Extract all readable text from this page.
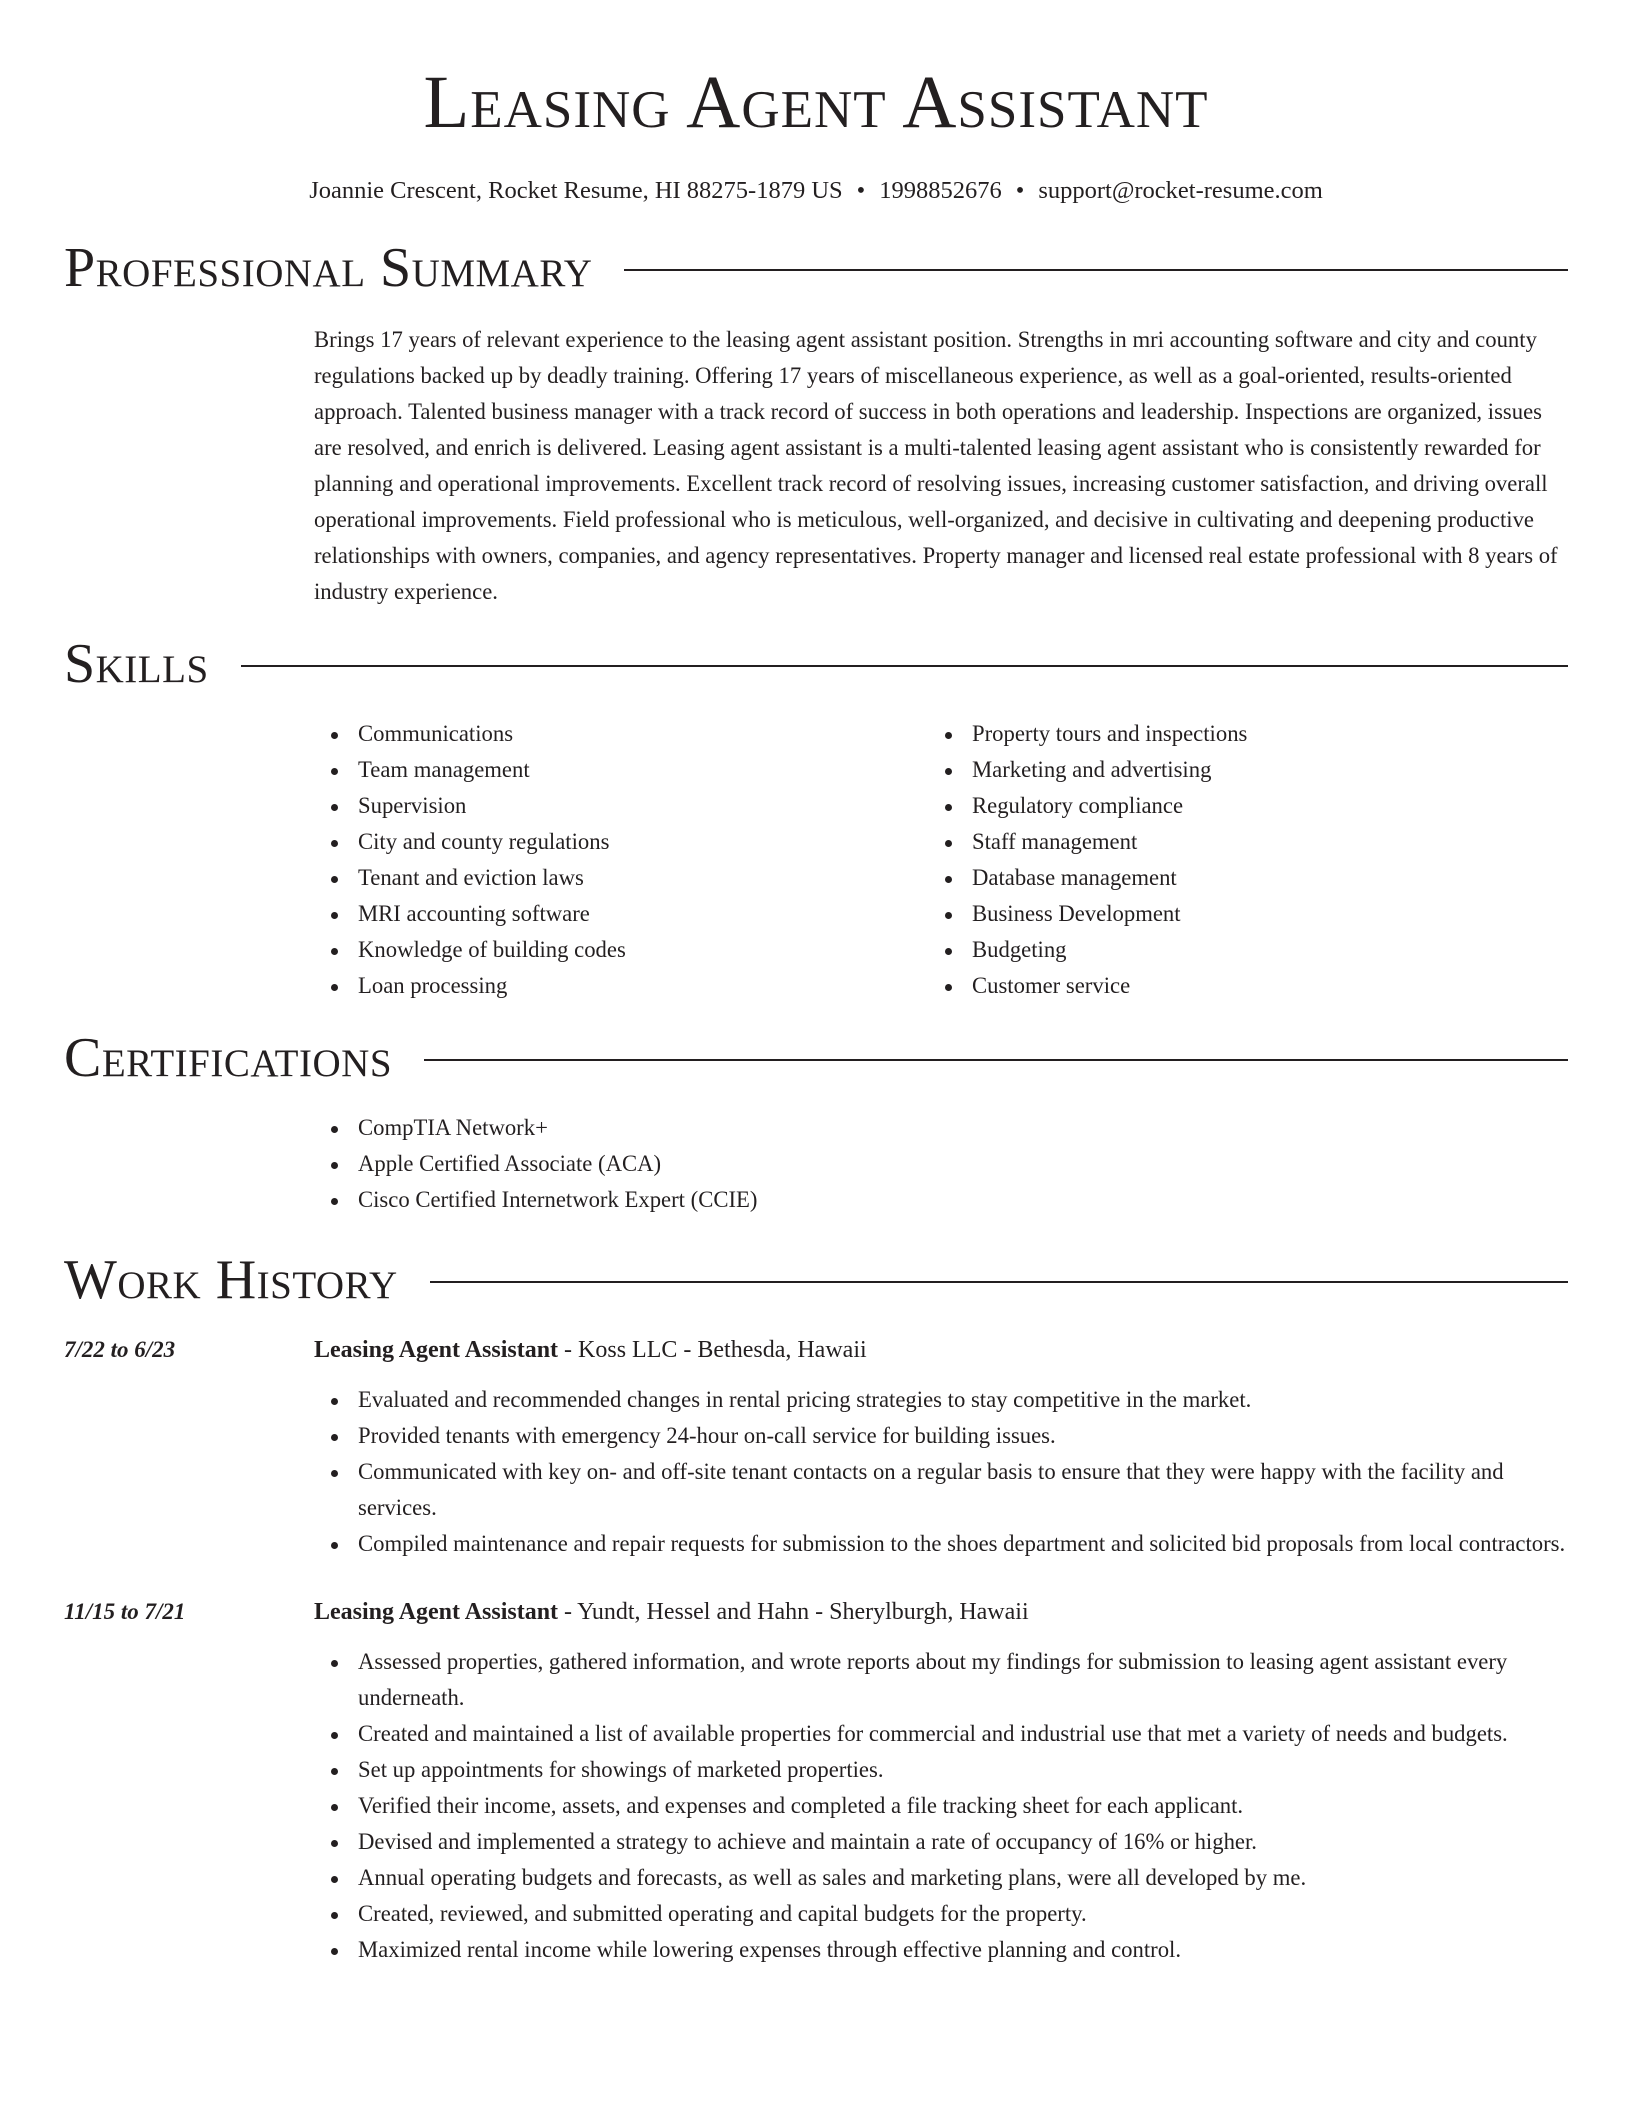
Leasing Agent Assistant
Joannie Crescent, Rocket Resume, HI 88275-1879 US • 1998852676 • support@rocket-resume.com
Professional Summary

Brings 17 years of relevant experience to the leasing agent assistant position. Strengths in mri accounting software and city and county regulations backed up by deadly training. Offering 17 years of miscellaneous experience, as well as a goal-oriented, results-oriented approach. Talented business manager with a track record of success in both operations and leadership. Inspections are organized, issues are resolved, and enrich is delivered. Leasing agent assistant is a multi-talented leasing agent assistant who is consistently rewarded for planning and operational improvements. Excellent track record of resolving issues, increasing customer satisfaction, and driving overall operational improvements. Field professional who is meticulous, well-organized, and decisive in cultivating and deepening productive relationships with owners, companies, and agency representatives. Property manager and licensed real estate professional with 8 years of industry experience.

Skills
Communications
Team management
Supervision
City and county regulations
Tenant and eviction laws
MRI accounting software
Knowledge of building codes
Loan processing
Property tours and inspections
Marketing and advertising
Regulatory compliance
Staff management
Database management
Business Development
Budgeting
Customer service
Certifications
CompTIA Network+
Apple Certified Associate (ACA)
Cisco Certified Internetwork Expert (CCIE)
Work History
7/22 to 6/23	Leasing Agent Assistant - Koss LLC - Bethesda, Hawaii
Evaluated and recommended changes in rental pricing strategies to stay competitive in the market.
Provided tenants with emergency 24-hour on-call service for building issues.
Communicated with key on- and off-site tenant contacts on a regular basis to ensure that they were happy with the facility and services.
Compiled maintenance and repair requests for submission to the shoes department and solicited bid proposals from local contractors.
11/15 to 7/21	Leasing Agent Assistant - Yundt, Hessel and Hahn - Sherylburgh, Hawaii
Assessed properties, gathered information, and wrote reports about my findings for submission to leasing agent assistant every underneath.
Created and maintained a list of available properties for commercial and industrial use that met a variety of needs and budgets.
Set up appointments for showings of marketed properties.
Verified their income, assets, and expenses and completed a file tracking sheet for each applicant.
Devised and implemented a strategy to achieve and maintain a rate of occupancy of 16% or higher.
Annual operating budgets and forecasts, as well as sales and marketing plans, were all developed by me.
Created, reviewed, and submitted operating and capital budgets for the property.
Maximized rental income while lowering expenses through effective planning and control.
